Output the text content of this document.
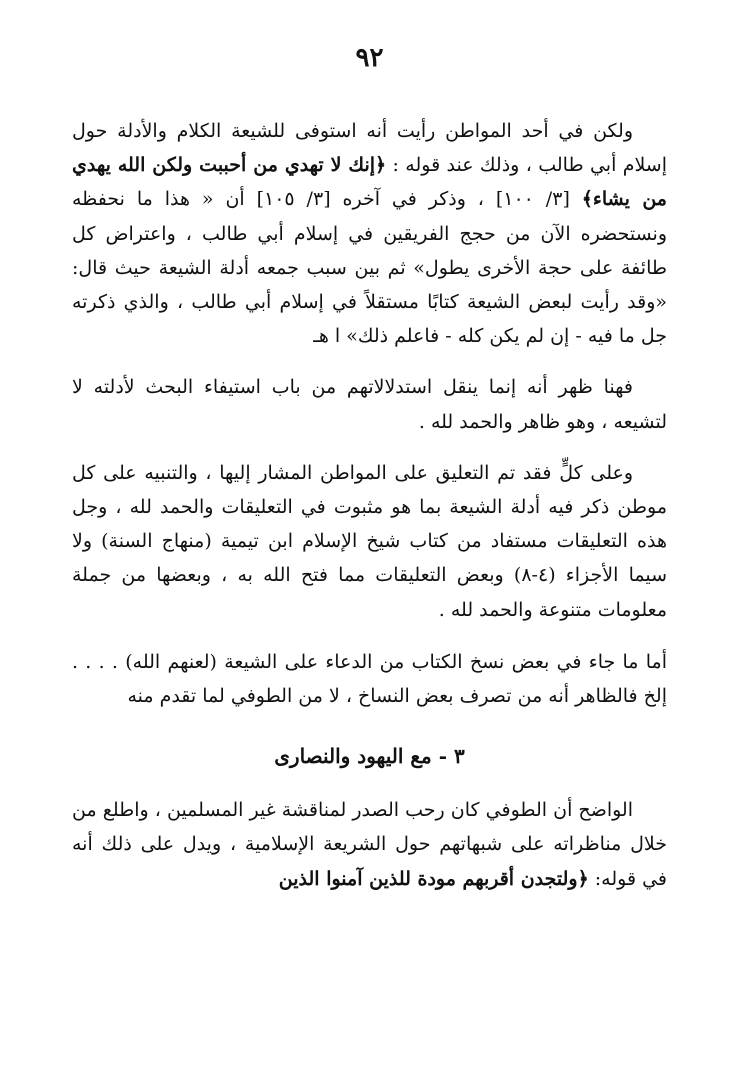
٩٢

ولكن في أحد المواطن رأيت أنه استوفى للشيعة الكلام والأدلة حول إسلام أبي طالب ، وذلك عند قوله : ﴿إنك لا تهدي من أحببت ولكن الله يهدي من يشاء﴾ [٣/ ١٠٠] ، وذكر في آخره [٣/ ١٠٥] أن « هذا ما نحفظه ونستحضره الآن من حجج الفريقين في إسلام أبي طالب ، واعتراض كل طائفة على حجة الأخرى يطول» ثم بين سبب جمعه أدلة الشيعة حيث قال: «وقد رأيت لبعض الشيعة كتابًا مستقلاً في إسلام أبي طالب ، والذي ذكرته جل ما فيه - إن لم يكن كله - فاعلم ذلك» ا هـ

فهنا ظهر أنه إنما ينقل استدلالاتهم من باب استيفاء البحث لأدلته لا لتشيعه ، وهو ظاهر والحمد لله .

وعلى كلٍّ فقد تم التعليق على المواطن المشار إليها ، والتنبيه على كل موطن ذكر فيه أدلة الشيعة بما هو مثبوت في التعليقات والحمد لله ، وجل هذه التعليقات مستفاد من كتاب شيخ الإسلام ابن تيمية (منهاج السنة) ولا سيما الأجزاء (٤-٨) وبعض التعليقات مما فتح الله به ، وبعضها من جملة معلومات متنوعة والحمد لله .

أما ما جاء في بعض نسخ الكتاب من الدعاء على الشيعة (لعنهم الله) . . . . إلخ فالظاهر أنه من تصرف بعض النساخ ، لا من الطوفي لما تقدم منه

٣ - مع اليهود والنصارى

الواضح أن الطوفي كان رحب الصدر لمناقشة غير المسلمين ، واطلع من خلال مناظراته على شبهاتهم حول الشريعة الإسلامية ، ويدل على ذلك أنه في قوله: ﴿ولتجدن أقربهم مودة للذين آمنوا الذين
